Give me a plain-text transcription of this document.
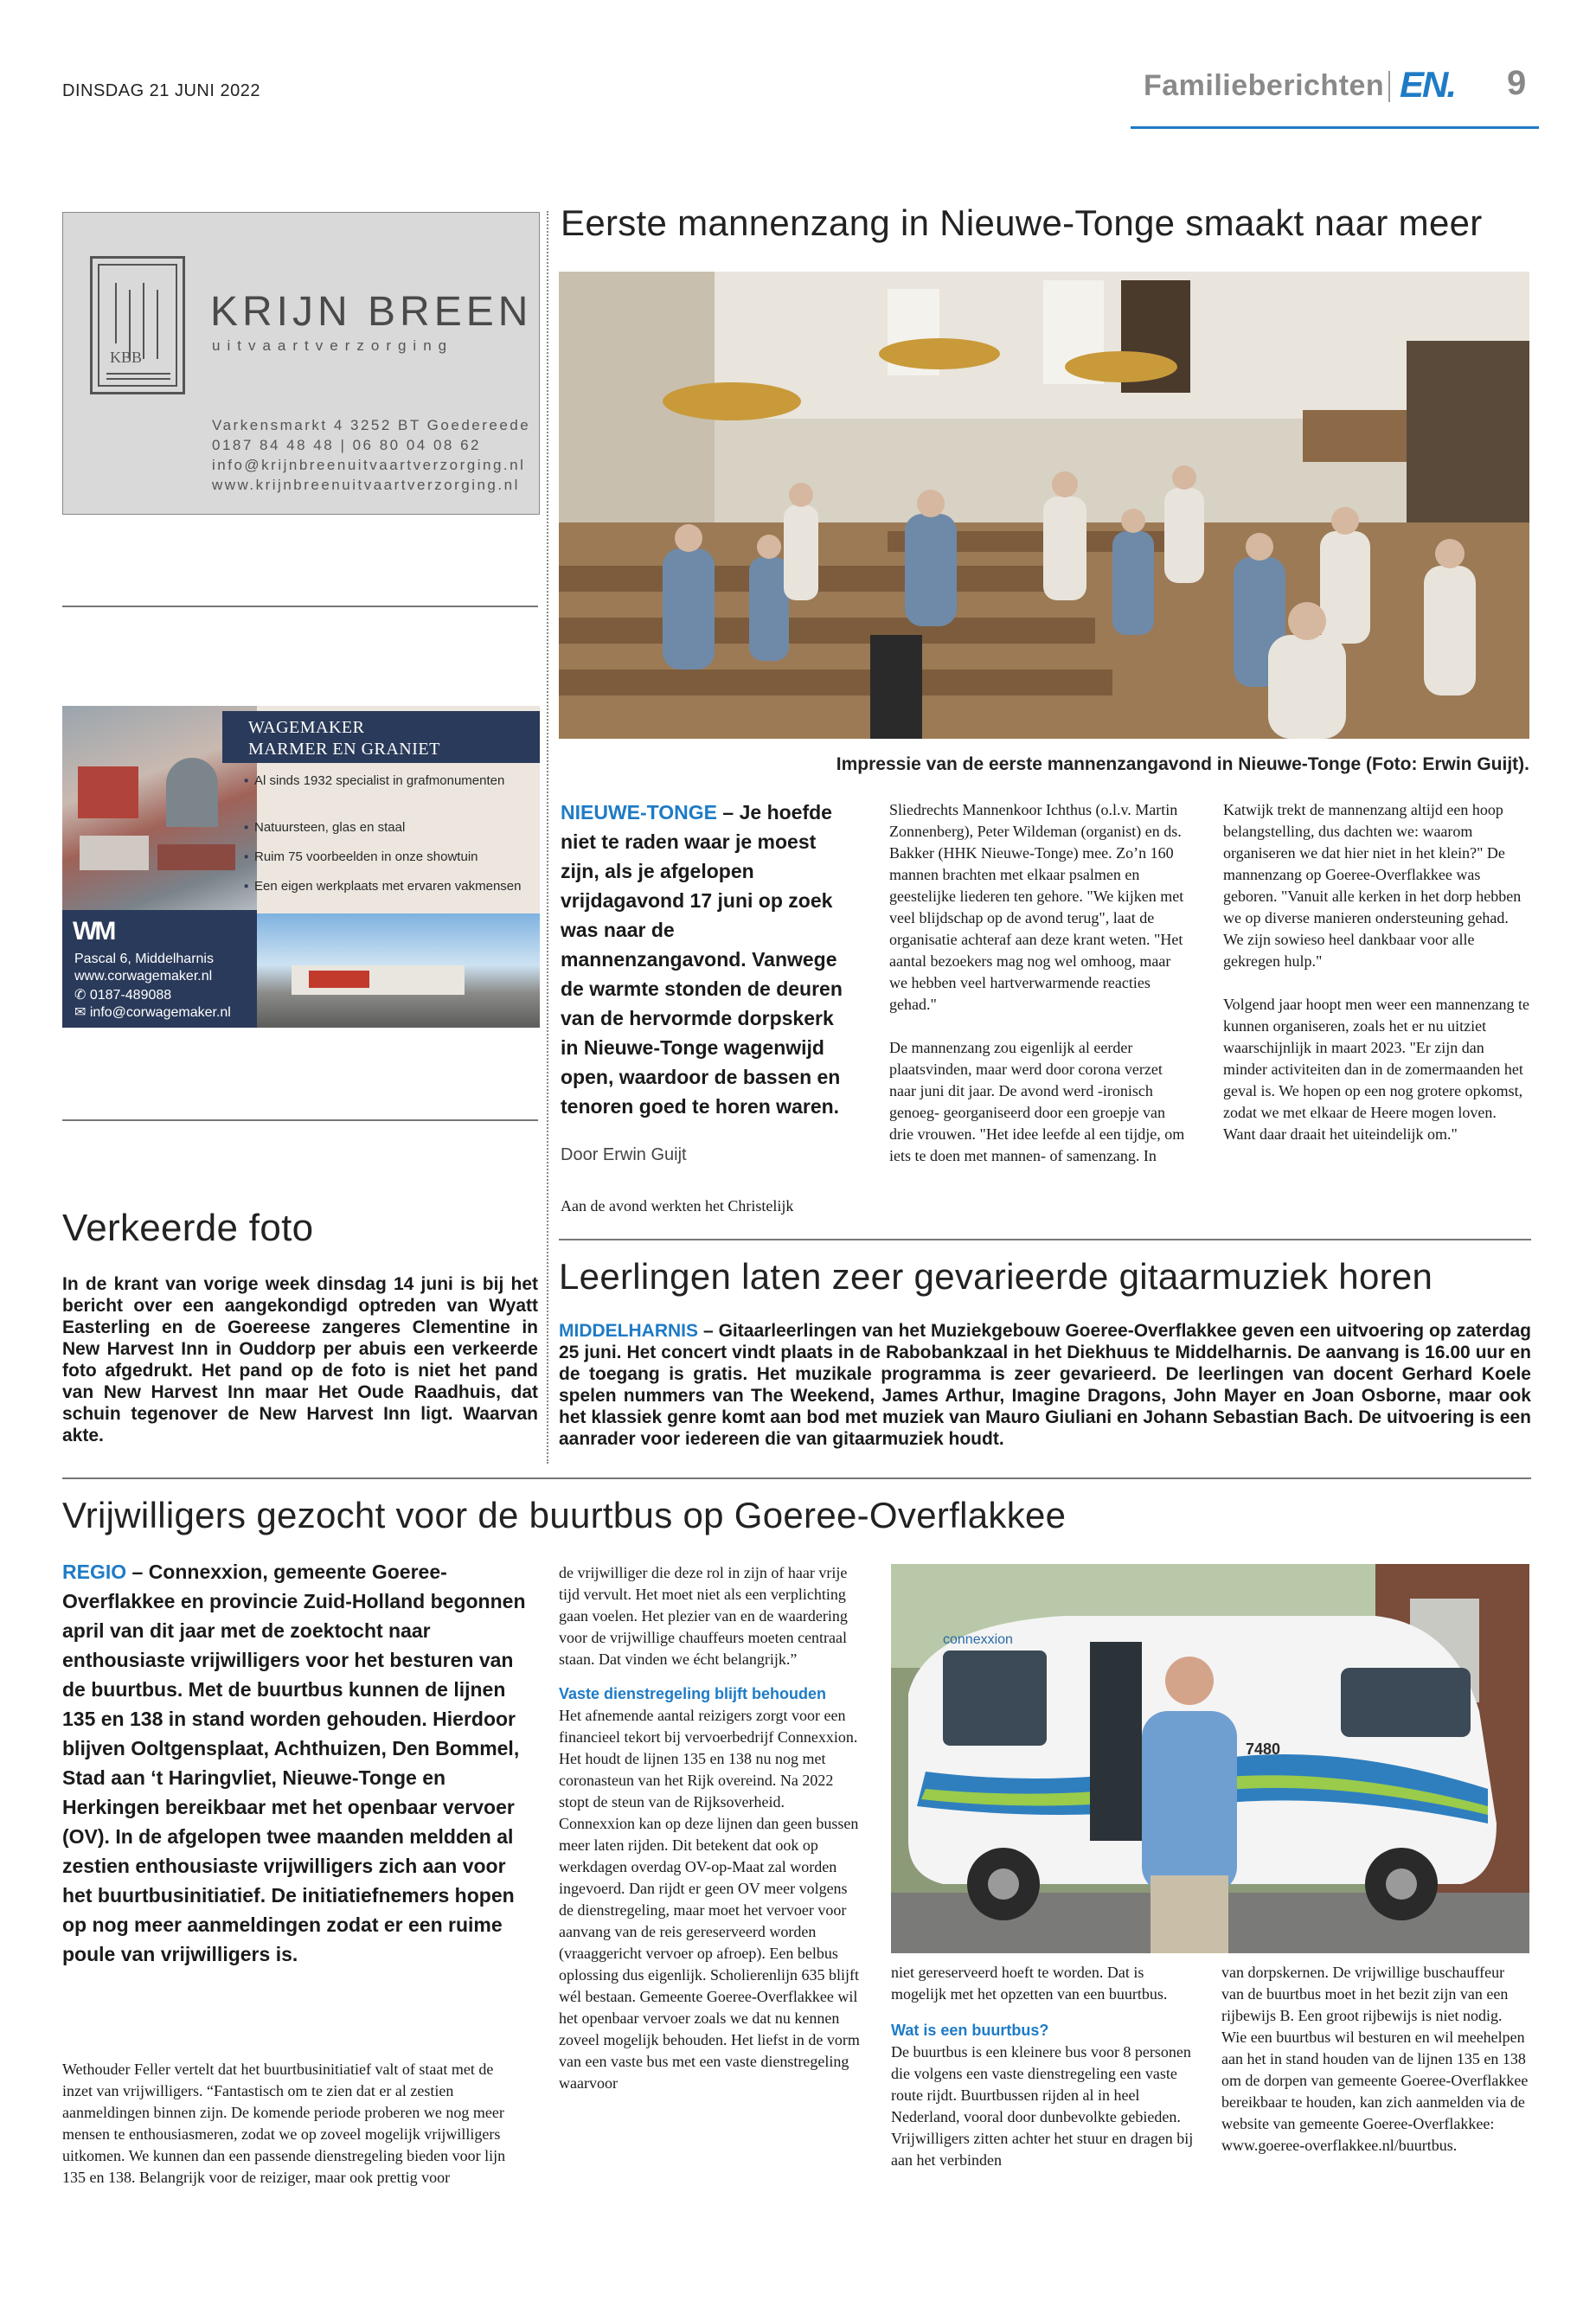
DINSDAG 21 JUNI 2022	Familieberichten EN. 9
KBB
KRIJN BREEN
uitvaartverzorging
Varkensmarkt 4 3252 BT Goedereede
0187 84 48 48 | 06 80 04 08 62
info@krijnbreenuitvaartverzorging.nl
www.krijnbreenuitvaartverzorging.nl
WAGEMAKER
MARMER EN GRANIET
▪ Al sinds 1932 specialist in grafmonumenten
▪ Natuursteen, glas en staal
▪ Ruim 75 voorbeelden in onze showtuin
▪ Een eigen werkplaats met ervaren vakmensen
WM
Pascal 6, Middelharnis
www.corwagemaker.nl
✆ 0187-489088
✉ info@corwagemaker.nl
Verkeerde foto
In de krant van vorige week dinsdag 14 juni is bij het bericht over een aangekondigd optreden van Wyatt Easterling en de Goereese zangeres Clementine in New Harvest Inn in Ouddorp per abuis een verkeerde foto afgedrukt. Het pand op de foto is niet het pand van New Harvest Inn maar Het Oude Raadhuis, dat schuin tegenover de New Harvest Inn ligt. Waarvan akte.
Eerste mannenzang in Nieuwe-Tonge smaakt naar meer
Impressie van de eerste mannenzangavond in Nieuwe-Tonge (Foto: Erwin Guijt).
NIEUWE-TONGE – Je hoefde niet te raden waar je moest zijn, als je afgelopen vrijdagavond 17 juni op zoek was naar de mannenzangavond. Vanwege de warmte stonden de deuren van de hervormde dorpskerk in Nieuwe-Tonge wagenwijd open, waardoor de bassen en tenoren goed te horen waren.
Door Erwin Guijt
Aan de avond werkten het Christelijk

Sliedrechts Mannenkoor Ichthus (o.l.v. Martin Zonnenberg), Peter Wildeman (organist) en ds. Bakker (HHK Nieuwe-Tonge) mee. Zo’n 160 mannen brachten met elkaar psalmen en geestelijke liederen ten gehore. "We kijken met veel blijdschap op de avond terug", laat de organisatie achteraf aan deze krant weten. "Het aantal bezoekers mag nog wel omhoog, maar we hebben veel hartverwarmende reacties gehad."

De mannenzang zou eigenlijk al eerder plaatsvinden, maar werd door corona verzet naar juni dit jaar. De avond werd -ironisch genoeg- georganiseerd door een groepje van drie vrouwen. "Het idee leefde al een tijdje, om iets te doen met mannen- of samenzang. In

Katwijk trekt de mannenzang altijd een hoop belangstelling, dus dachten we: waarom organiseren we dat hier niet in het klein?" De mannenzang op Goeree-Overflakkee was geboren. "Vanuit alle kerken in het dorp hebben we op diverse manieren ondersteuning gehad. We zijn sowieso heel dankbaar voor alle gekregen hulp."

Volgend jaar hoopt men weer een mannenzang te kunnen organiseren, zoals het er nu uitziet waarschijnlijk in maart 2023. "Er zijn dan minder activiteiten dan in de zomermaanden het geval is. We hopen op een nog grotere opkomst, zodat we met elkaar de Heere mogen loven. Want daar draait het uiteindelijk om."

Leerlingen laten zeer gevarieerde gitaarmuziek horen
MIDDELHARNIS – Gitaarleerlingen van het Muziekgebouw Goeree-Overflakkee geven een uitvoering op zaterdag 25 juni. Het concert vindt plaats in de Rabobankzaal in het Diekhuus te Middelharnis. De aanvang is 16.00 uur en de toegang is gratis. Het muzikale programma is zeer gevarieerd. De leerlingen van docent Gerhard Koele spelen nummers van The Weekend, James Arthur, Imagine Dragons, John Mayer en Joan Osborne, maar ook het klassiek genre komt aan bod met muziek van Mauro Giuliani en Johann Sebastian Bach. De uitvoering is een aanrader voor iedereen die van gitaarmuziek houdt.
Vrijwilligers gezocht voor de buurtbus op Goeree-Overflakkee
REGIO – Connexxion, gemeente Goeree-Overflakkee en provincie Zuid-Holland begonnen april van dit jaar met de zoektocht naar enthousiaste vrijwilligers voor het besturen van de buurtbus. Met de buurtbus kunnen de lijnen 135 en 138 in stand worden gehouden. Hierdoor blijven Ooltgensplaat, Achthuizen, Den Bommel, Stad aan ‘t Haringvliet, Nieuwe-Tonge en Herkingen bereikbaar met het openbaar vervoer (OV). In de afgelopen twee maanden meldden al zestien enthousiaste vrijwilligers zich aan voor het buurtbusinitiatief. De initiatiefnemers hopen op nog meer aanmeldingen zodat er een ruime poule van vrijwilligers is.

Wethouder Feller vertelt dat het buurtbusinitiatief valt of staat met de inzet van vrijwilligers. “Fantastisch om te zien dat er al zestien aanmeldingen binnen zijn. De komende periode proberen we nog meer mensen te enthousiasmeren, zodat we op zoveel mogelijk vrijwilligers uitkomen. We kunnen dan een passende dienstregeling bieden voor lijn 135 en 138. Belangrijk voor de reiziger, maar ook prettig voor

de vrijwilliger die deze rol in zijn of haar vrije tijd vervult. Het moet niet als een verplichting gaan voelen. Het plezier van en de waardering voor de vrijwillige chauffeurs moeten centraal staan. Dat vinden we écht belangrijk.”

Vaste dienstregeling blijft behouden
Het afnemende aantal reizigers zorgt voor een financieel tekort bij vervoerbedrijf Connexxion. Het houdt de lijnen 135 en 138 nu nog met coronasteun van het Rijk overeind. Na 2022 stopt de steun van de Rijksoverheid. Connexxion kan op deze lijnen dan geen bussen meer laten rijden. Dit betekent dat ook op werkdagen overdag OV-op-Maat zal worden ingevoerd. Dan rijdt er geen OV meer volgens de dienstregeling, maar moet het vervoer voor aanvang van de reis gereserveerd worden (vraaggericht vervoer op afroep). Een belbus oplossing dus eigenlijk. Scholierenlijn 635 blijft wél bestaan. Gemeente Goeree-Overflakkee wil het openbaar vervoer zoals we dat nu kennen zoveel mogelijk behouden. Het liefst in de vorm van een vaste bus met een vaste dienstregeling waarvoor
connexxion
7480

niet gereserveerd hoeft te worden. Dat is mogelijk met het opzetten van een buurtbus.

Wat is een buurtbus?
De buurtbus is een kleinere bus voor 8 personen die volgens een vaste dienstregeling een vaste route rijdt. Buurtbussen rijden al in heel Nederland, vooral door dunbevolkte gebieden. Vrijwilligers zitten achter het stuur en dragen bij aan het verbinden

van dorpskernen. De vrijwillige buschauffeur van de buurtbus moet in het bezit zijn van een rijbewijs B. Een groot rijbewijs is niet nodig. Wie een buurtbus wil besturen en wil meehelpen aan het in stand houden van de lijnen 135 en 138 om de dorpen van gemeente Goeree-Overflakkee bereikbaar te houden, kan zich aanmelden via de website van gemeente Goeree-Overflakkee: www.goeree-overflakkee.nl/buurtbus.
